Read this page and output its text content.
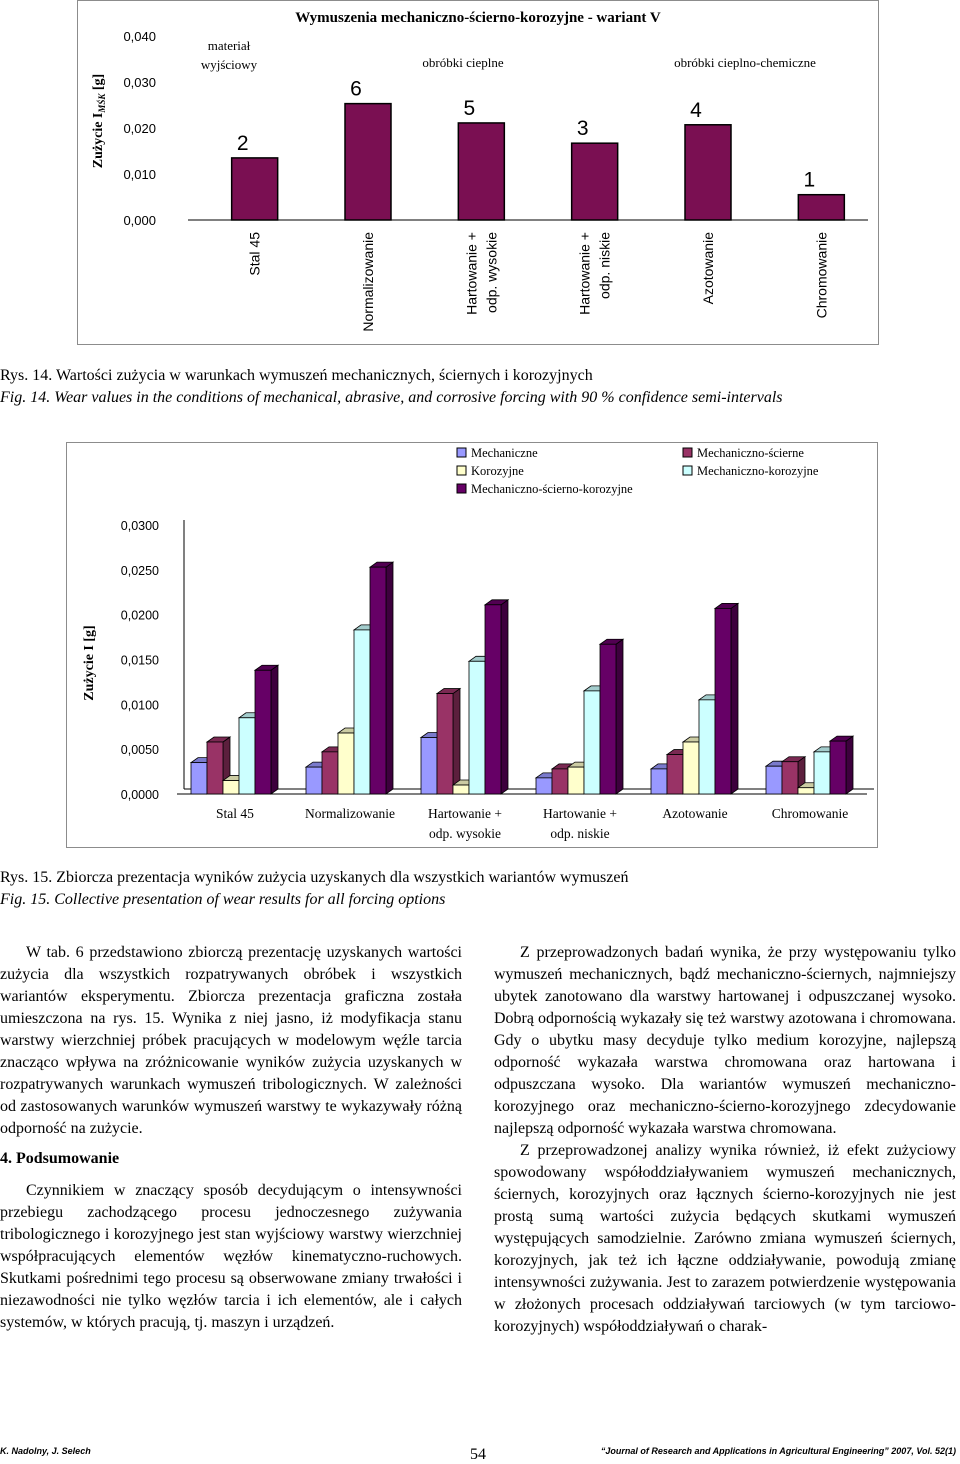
Wymuszenia mechaniczno-ścierno-korozyjne - wariant V
Zużycie $I_{MŚK}$ [g]
0,040
0,030
0,020
0,010
0,000
materiał
wyjściowy	obróbki cieplne	obróbki cieplno-chemiczne
2
Stal 45
6
Normalizowanie
5
Hartowanie + odp. wysokie
3
Hartowanie + odp. niskie
4
Azotowanie
1
Chromowanie
Rys. 14. Wartości zużycia w warunkach wymuszeń mechanicznych, ściernych i korozyjnych
Fig. 14. Wear values in the conditions of mechanical, abrasive, and corrosive forcing with 90 % confidence semi-intervals
Mechaniczne	Mechaniczno-ścierne
Korozyjne	Mechaniczno-korozyjne
Mechaniczno-ścierno-korozyjne
Zużycie I [g]
0,0300
0,0250
0,0200
0,0150
0,0100
0,0050
0,0000
Stal 45	Normalizowanie Hartowanie +
odp. wysokie
Hartowanie +
odp. niskie
Azotowanie	Chromowanie
Rys. 15. Zbiorcza prezentacja wyników zużycia uzyskanych dla wszystkich wariantów wymuszeń
Fig. 15. Collective presentation of wear results for all forcing options

W tab. 6 przedstawiono zbiorczą prezentację uzyskanych wartości zużycia dla wszystkich rozpatrywanych obróbek i wszystkich wariantów eksperymentu. Zbiorcza prezentacja graficzna została umieszczona na rys. 15. Wynika z niej jasno, iż modyfikacja stanu warstwy wierzchniej próbek pracujących w modelowym węźle tarcia znacząco wpływa na zróżnicowanie wyników zużycia uzyskanych w rozpatrywanych warunkach wymuszeń tribologicznych. W zależności od zastosowanych warunków wymuszeń warstwy te wykazywały różną odporność na zużycie.

4. Podsumowanie

Czynnikiem w znaczący sposób decydującym o intensywności przebiegu zachodzącego procesu jednoczesnego zużywania tribologicznego i korozyjnego jest stan wyjściowy warstwy wierzchniej współpracujących elementów węzłów kinematyczno-ruchowych. Skutkami pośrednimi tego procesu są obserwowane zmiany trwałości i niezawodności nie tylko węzłów tarcia i ich elementów, ale i całych systemów, w których pracują, tj. maszyn i urządzeń.

Z przeprowadzonych badań wynika, że przy występowaniu tylko wymuszeń mechanicznych, bądź mechaniczno-ściernych, najmniejszy ubytek zanotowano dla warstwy hartowanej i odpuszczanej wysoko. Dobrą odpornością wykazały się też warstwy azotowana i chromowana. Gdy o ubytku masy decyduje tylko medium korozyjne, najlepszą odporność wykazała warstwa chromowana oraz hartowana i odpuszczana wysoko. Dla wariantów wymuszeń mechaniczno-korozyjnego oraz mechaniczno-ścierno-korozyjnego zdecydowanie najlepszą odporność wykazała warstwa chromowana.

Z przeprowadzonej analizy wynika również, iż efekt zużyciowy spowodowany współoddziaływaniem wymuszeń mechanicznych, ściernych, korozyjnych oraz łącznych ścierno-korozyjnych nie jest prostą sumą wartości zużycia będących skutkami wymuszeń występujących samodzielnie. Zarówno zmiana wymuszeń ściernych, korozyjnych, jak też ich łączne oddziaływanie, powodują zmianę intensywności zużywania. Jest to zarazem potwierdzenie występowania w złożonych procesach oddziaływań tarciowych (w tym tarciowo-korozyjnych) współoddziaływań o charak-

K. Nadolny, J. Selech	54	“Journal of Research and Applications in Agricultural Engineering” 2007, Vol. 52(1)
